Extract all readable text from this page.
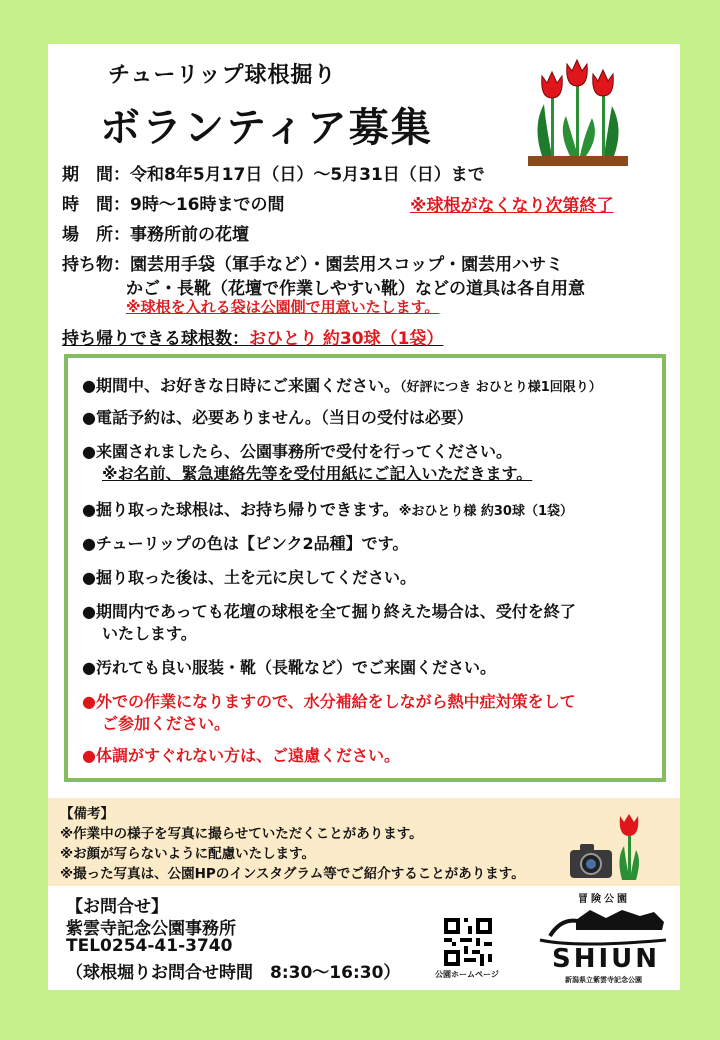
チューリップ球根掘り
ボランティア募集
期　間：令和8年5月17日（日）～5月31日（日）まで
時　間：9時～16時までの間	※球根がなくなり次第終了
場　所：事務所前の花壇
持ち物：園芸用手袋（軍手など）・園芸用スコップ・園芸用ハサミ
かご・長靴（花壇で作業しやすい靴）などの道具は各自用意
※球根を入れる袋は公園側で用意いたします。
持ち帰りできる球根数：おひとり 約30球（1袋）
●期間中、お好きな日時にご来園ください。（好評につき おひとり様1回限り）
●電話予約は、必要ありません。（当日の受付は必要）
●来園されましたら、公園事務所で受付を行ってください。
※お名前、緊急連絡先等を受付用紙にご記入いただきます。
●掘り取った球根は、お持ち帰りできます。※おひとり様 約30球（1袋）
●チューリップの色は【ピンク2品種】です。
●掘り取った後は、土を元に戻してください。
●期間内であっても花壇の球根を全て掘り終えた場合は、受付を終了
いたします。
●汚れても良い服装・靴（長靴など）でご来園ください。
●外での作業になりますので、水分補給をしながら熱中症対策をして
ご参加ください。
●体調がすぐれない方は、ご遠慮ください。
【備考】
※作業中の様子を写真に撮らせていただくことがあります。
※お顔が写らないように配慮いたします。
※撮った写真は、公園HPのインスタグラム等でご紹介することがあります。
【お問合せ】
紫雲寺記念公園事務所
TEL0254-41-3740
（球根堀りお問合せ時間　8:30～16:30）	公園ホームページ
冒険公園
SHIUN
新潟県立紫雲寺記念公園
